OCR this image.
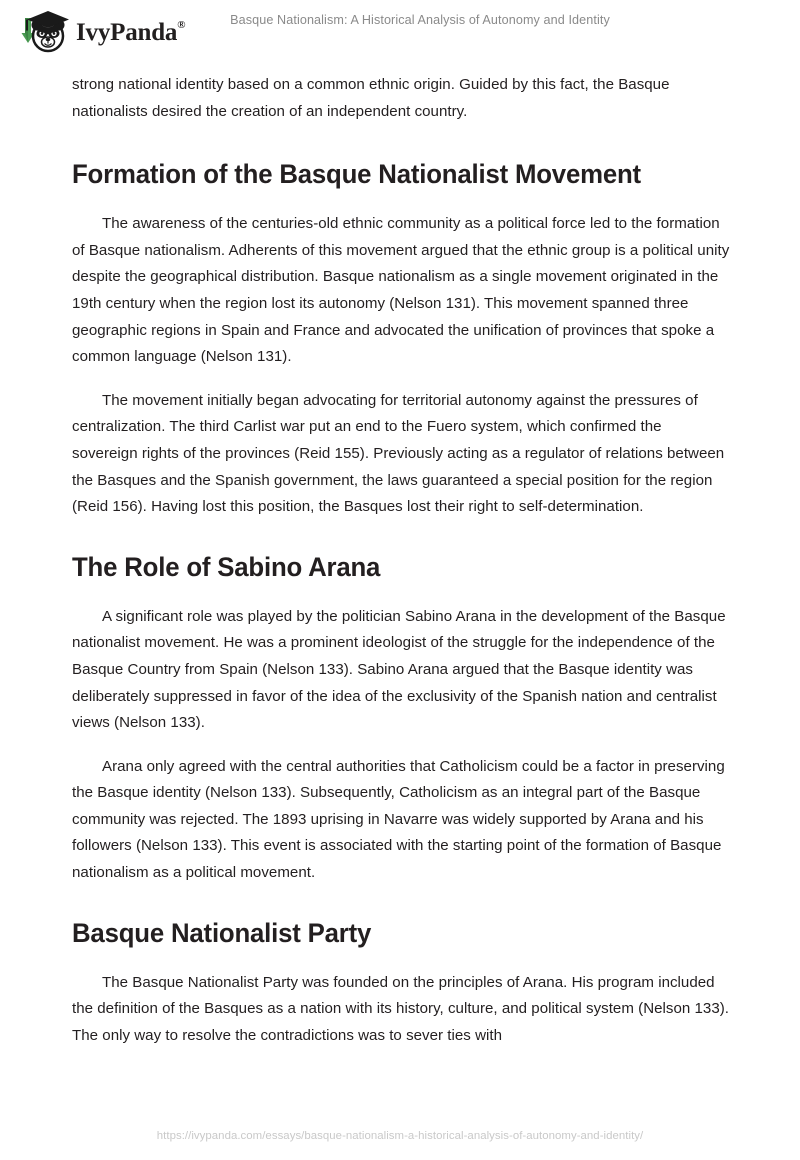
IvyPanda®	Basque Nationalism: A Historical Analysis of Autonomy and Identity

strong national identity based on a common ethnic origin. Guided by this fact, the Basque nationalists desired the creation of an independent country.

Formation of the Basque Nationalist Movement

The awareness of the centuries-old ethnic community as a political force led to the formation of Basque nationalism. Adherents of this movement argued that the ethnic group is a political unity despite the geographical distribution. Basque nationalism as a single movement originated in the 19th century when the region lost its autonomy (Nelson 131). This movement spanned three geographic regions in Spain and France and advocated the unification of provinces that spoke a common language (Nelson 131).

The movement initially began advocating for territorial autonomy against the pressures of centralization. The third Carlist war put an end to the Fuero system, which confirmed the sovereign rights of the provinces (Reid 155). Previously acting as a regulator of relations between the Basques and the Spanish government, the laws guaranteed a special position for the region (Reid 156). Having lost this position, the Basques lost their right to self-determination.

The Role of Sabino Arana

A significant role was played by the politician Sabino Arana in the development of the Basque nationalist movement. He was a prominent ideologist of the struggle for the independence of the Basque Country from Spain (Nelson 133). Sabino Arana argued that the Basque identity was deliberately suppressed in favor of the idea of the exclusivity of the Spanish nation and centralist views (Nelson 133).

Arana only agreed with the central authorities that Catholicism could be a factor in preserving the Basque identity (Nelson 133). Subsequently, Catholicism as an integral part of the Basque community was rejected. The 1893 uprising in Navarre was widely supported by Arana and his followers (Nelson 133). This event is associated with the starting point of the formation of Basque nationalism as a political movement.

Basque Nationalist Party

The Basque Nationalist Party was founded on the principles of Arana. His program included the definition of the Basques as a nation with its history, culture, and political system (Nelson 133). The only way to resolve the contradictions was to sever ties with

https://ivypanda.com/essays/basque-nationalism-a-historical-analysis-of-autonomy-and-identity/
